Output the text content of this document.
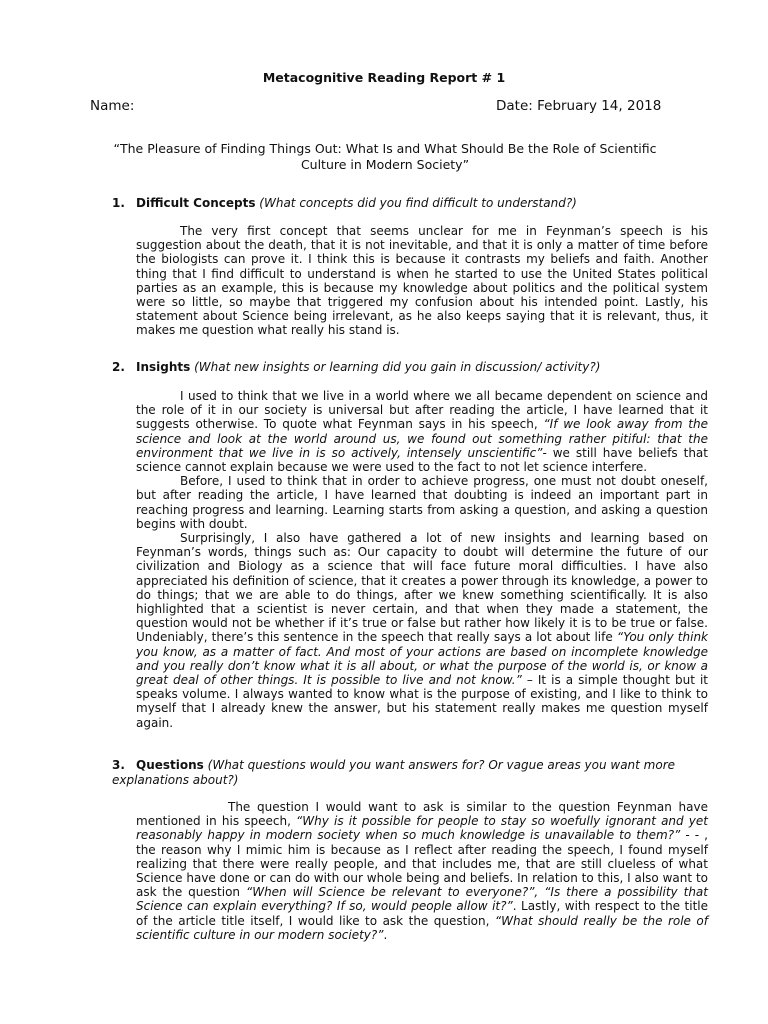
Metacognitive Reading Report # 1
Name:	Date: February 14, 2018
“The Pleasure of Finding Things Out: What Is and What Should Be the Role of Scientific Culture in Modern Society”
1. Difficult Concepts (What concepts did you find difficult to understand?)
The very first concept that seems unclear for me in Feynman’s speech is his suggestion about the death, that it is not inevitable, and that it is only a matter of time before the biologists can prove it. I think this is because it contrasts my beliefs and faith. Another thing that I find difficult to understand is when he started to use the United States political parties as an example, this is because my knowledge about politics and the political system were so little, so maybe that triggered my confusion about his intended point. Lastly, his statement about Science being irrelevant, as he also keeps saying that it is relevant, thus, it makes me question what really his stand is.
2. Insights (What new insights or learning did you gain in discussion/ activity?)
I used to think that we live in a world where we all became dependent on science and the role of it in our society is universal but after reading the article, I have learned that it suggests otherwise. To quote what Feynman says in his speech, “If we look away from the science and look at the world around us, we found out something rather pitiful: that the environment that we live in is so actively, intensely unscientific”- we still have beliefs that science cannot explain because we were used to the fact to not let science interfere.
Before, I used to think that in order to achieve progress, one must not doubt oneself, but after reading the article, I have learned that doubting is indeed an important part in reaching progress and learning. Learning starts from asking a question, and asking a question begins with doubt.
Surprisingly, I also have gathered a lot of new insights and learning based on Feynman’s words, things such as: Our capacity to doubt will determine the future of our civilization and Biology as a science that will face future moral difficulties. I have also appreciated his definition of science, that it creates a power through its knowledge, a power to do things; that we are able to do things, after we knew something scientifically. It is also highlighted that a scientist is never certain, and that when they made a statement, the question would not be whether if it’s true or false but rather how likely it is to be true or false. Undeniably, there’s this sentence in the speech that really says a lot about life “You only think you know, as a matter of fact. And most of your actions are based on incomplete knowledge and you really don’t know what it is all about, or what the purpose of the world is, or know a great deal of other things. It is possible to live and not know.” – It is a simple thought but it speaks volume. I always wanted to know what is the purpose of existing, and I like to think to myself that I already knew the answer, but his statement really makes me question myself again.
3. Questions (What questions would you want answers for? Or vague areas you want more explanations about?)
The question I would want to ask is similar to the question Feynman have mentioned in his speech, “Why is it possible for people to stay so woefully ignorant and yet reasonably happy in modern society when so much knowledge is unavailable to them?” - - , the reason why I mimic him is because as I reflect after reading the speech, I found myself realizing that there were really people, and that includes me, that are still clueless of what Science have done or can do with our whole being and beliefs. In relation to this, I also want to ask the question “When will Science be relevant to everyone?”, “Is there a possibility that Science can explain everything? If so, would people allow it?”. Lastly, with respect to the title of the article title itself, I would like to ask the question, “What should really be the role of scientific culture in our modern society?”.
